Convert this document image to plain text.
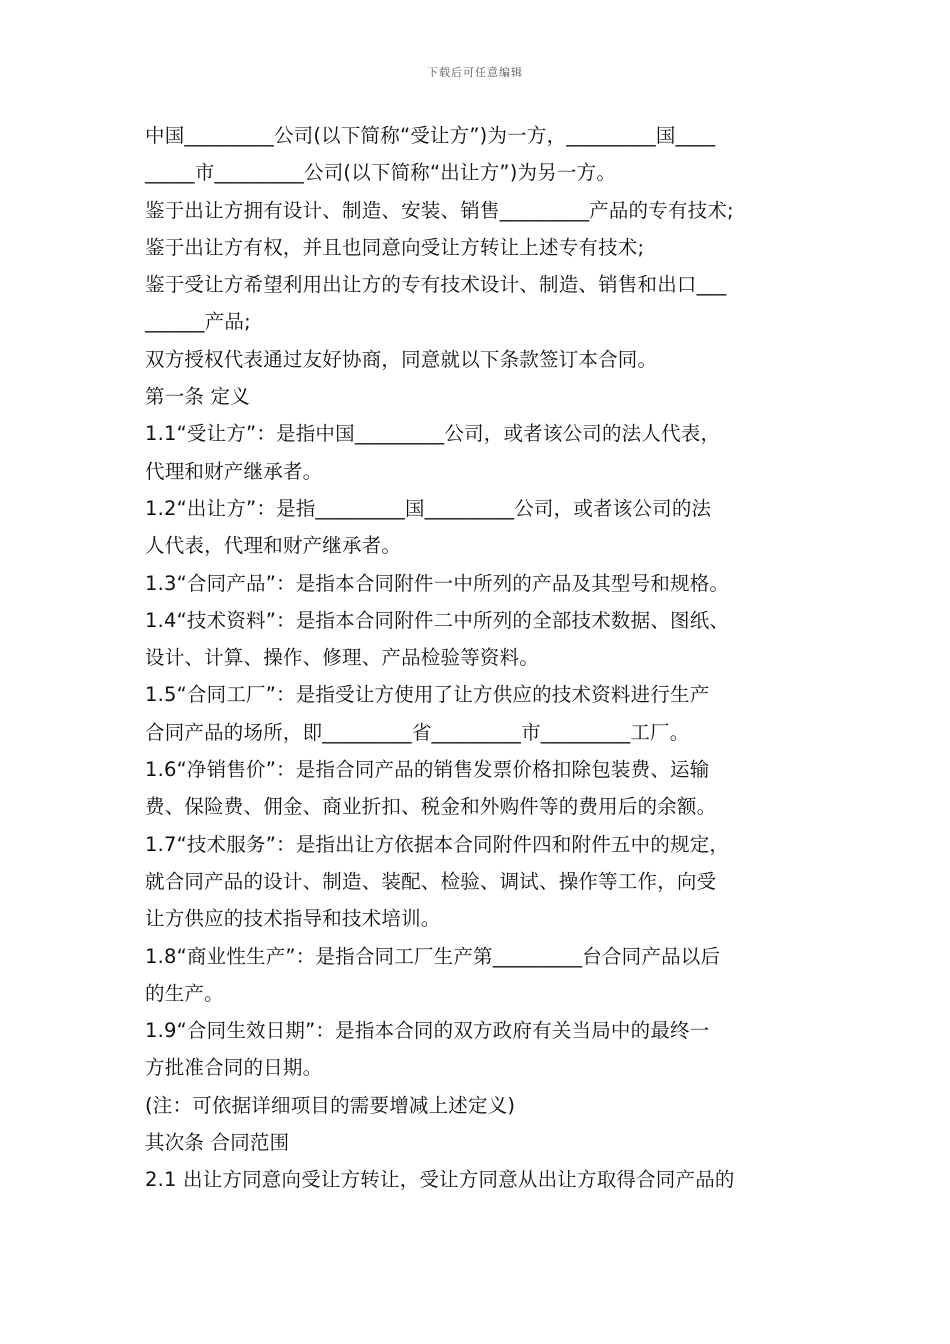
下载后可任意编辑
中国_________公司(以下简称“受让方”)为一方，_________国____
_____市_________公司(以下简称“出让方”)为另一方。
鉴于出让方拥有设计、制造、安装、销售_________产品的专有技术;
鉴于出让方有权，并且也同意向受让方转让上述专有技术;
鉴于受让方希望利用出让方的专有技术设计、制造、销售和出口___
______产品;
双方授权代表通过友好协商，同意就以下条款签订本合同。
第一条 定义
1.1“受让方”：是指中国_________公司，或者该公司的法人代表，
代理和财产继承者。
1.2“出让方”：是指_________国_________公司，或者该公司的法
人代表，代理和财产继承者。
1.3“合同产品”：是指本合同附件一中所列的产品及其型号和规格。
1.4“技术资料”：是指本合同附件二中所列的全部技术数据、图纸、
设计、计算、操作、修理、产品检验等资料。
1.5“合同工厂”：是指受让方使用了让方供应的技术资料进行生产
合同产品的场所，即_________省_________市_________工厂。
1.6“净销售价”：是指合同产品的销售发票价格扣除包装费、运输
费、保险费、佣金、商业折扣、税金和外购件等的费用后的余额。
1.7“技术服务”：是指出让方依据本合同附件四和附件五中的规定，
就合同产品的设计、制造、装配、检验、调试、操作等工作，向受
让方供应的技术指导和技术培训。
1.8“商业性生产”：是指合同工厂生产第_________台合同产品以后
的生产。
1.9“合同生效日期”：是指本合同的双方政府有关当局中的最终一
方批准合同的日期。
(注：可依据详细项目的需要增减上述定义)
其次条 合同范围
2.1 出让方同意向受让方转让，受让方同意从出让方取得合同产品的
